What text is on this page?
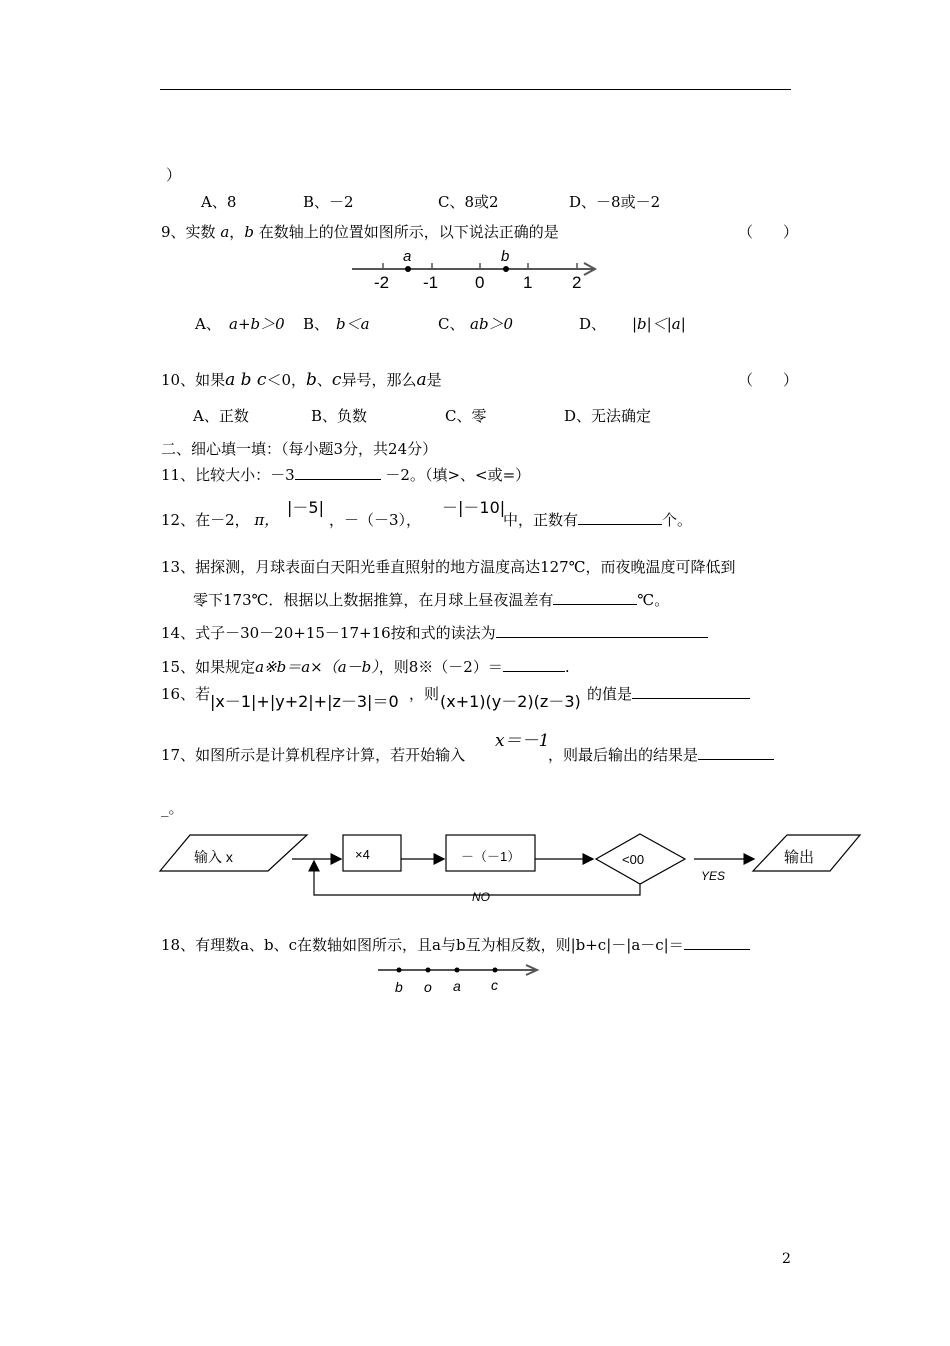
）
A、8	B、－2	C、8或2	D、－8或－2
9、实数 a，b 在数轴上的位置如图所示，以下说法正确的是	（　　）
a	b
-2 -1 0 1 2
A、 a+b＞0 B、 b＜a	C、 ab＞0	D、 |b|＜|a|
10、如果a b c＜0，b、c异号，那么a是	（　　）
A、正数	B、负数	C、零	D、无法确定
二、细心填一填：（每小题3分，共24分）
11、比较大小：－3	－2。（填>、<或=）
12、在－2， π，
|－5|
，－（－3），
－|－10|
中，正数有	个。
13、据探测，月球表面白天阳光垂直照射的地方温度高达127℃，而夜晚温度可降低到
零下173℃．根据以上数据推算，在月球上昼夜温差有	℃。
14、式子－30－20+15－17+16按和式的读法为
15、如果规定a※b＝a×（a－b），则8※（－2）＝	.
16、若 |x－1|+|y+2|+|z－3|＝0 ，则 (x+1)(y－2)(z－3) 的值是
17、如图所示是计算机程序计算，若开始输入
x＝－1
，则最后输出的结果是
_。
输入 x	×4	－（－1）	<00
NO
YES
输出
18、有理数a、b、c在数轴如图所示，且a与b互为相反数，则|b+c|－|a－c|＝
b o a c
2
